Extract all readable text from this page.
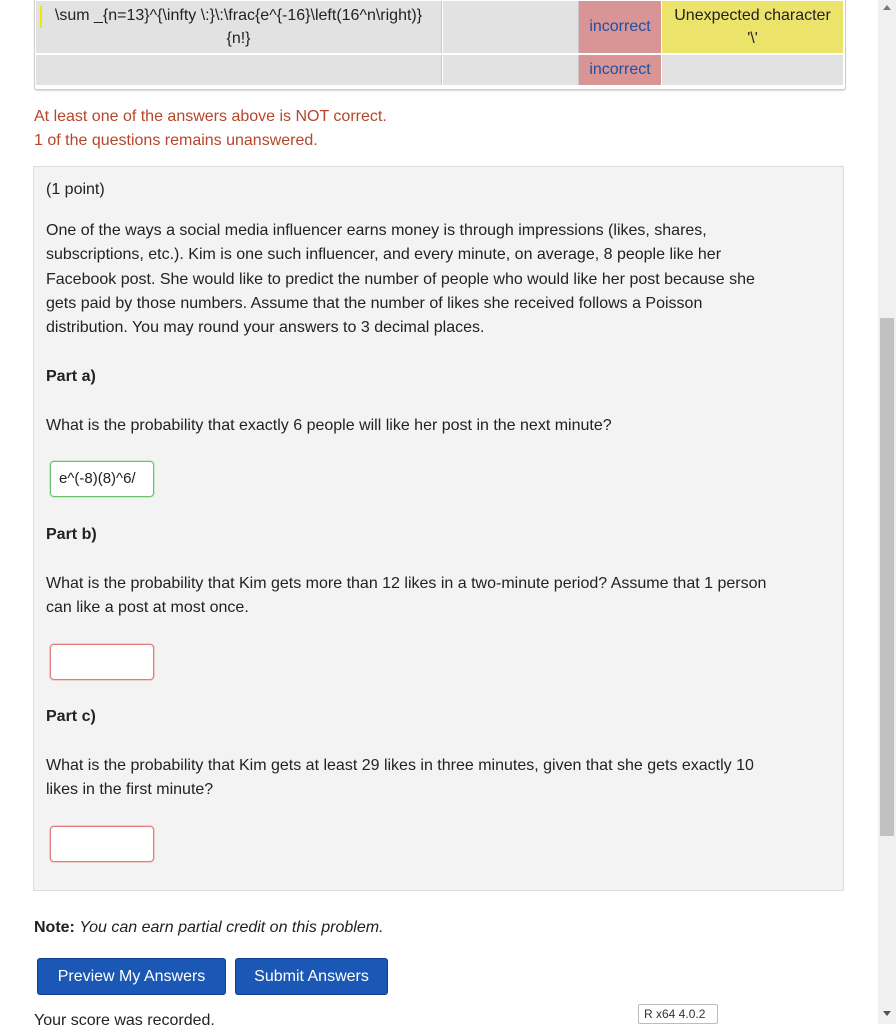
\sum _{n=13}^{\infty \:}\:\frac{e^{-16}\left(16^n\right)}
{n!}
incorrect
Unexpected character
'\'
incorrect
At least one of the answers above is NOT correct.
1 of the questions remains unanswered.
(1 point)
One of the ways a social media influencer earns money is through impressions (likes, shares,
subscriptions, etc.). Kim is one such influencer, and every minute, on average, 8 people like her
Facebook post. She would like to predict the number of people who would like her post because she
gets paid by those numbers. Assume that the number of likes she received follows a Poisson
distribution. You may round your answers to 3 decimal places.
Part a)
What is the probability that exactly 6 people will like her post in the next minute?
e^(-8)(8)^6/
Part b)
What is the probability that Kim gets more than 12 likes in a two-minute period? Assume that 1 person
can like a post at most once.
Part c)
What is the probability that Kim gets at least 29 likes in three minutes, given that she gets exactly 10
likes in the first minute?
Note: You can earn partial credit on this problem.
Preview My Answers	Submit Answers
Your score was recorded.	R x64 4.0.2
